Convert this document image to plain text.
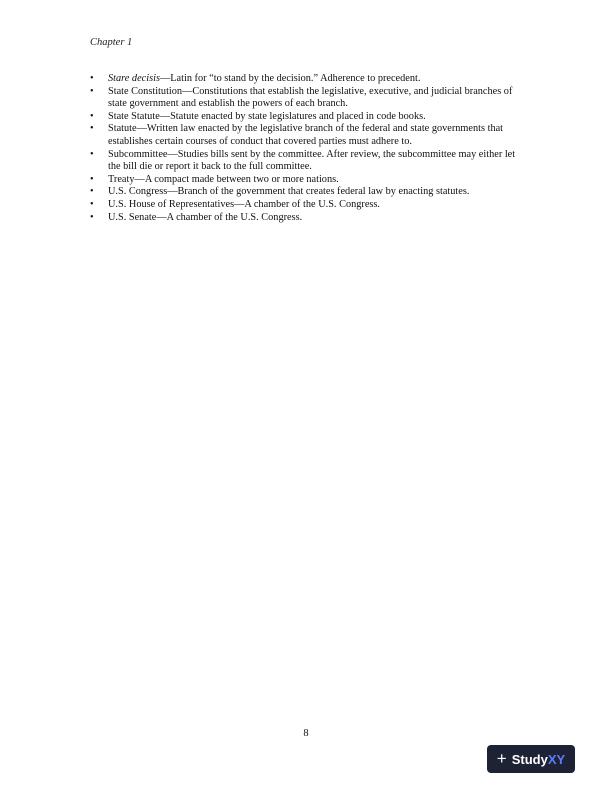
Chapter 1
• Stare decisis—Latin for “to stand by the decision.” Adherence to precedent.
• State Constitution—Constitutions that establish the legislative, executive, and judicial branches of state government and establish the powers of each branch.
• State Statute—Statute enacted by state legislatures and placed in code books.
• Statute—Written law enacted by the legislative branch of the federal and state governments that establishes certain courses of conduct that covered parties must adhere to.
• Subcommittee—Studies bills sent by the committee. After review, the subcommittee may either let the bill die or report it back to the full committee.
• Treaty—A compact made between two or more nations.
• U.S. Congress—Branch of the government that creates federal law by enacting statutes.
• U.S. House of Representatives—A chamber of the U.S. Congress.
• U.S. Senate—A chamber of the U.S. Congress.
8
+ StudyXY
